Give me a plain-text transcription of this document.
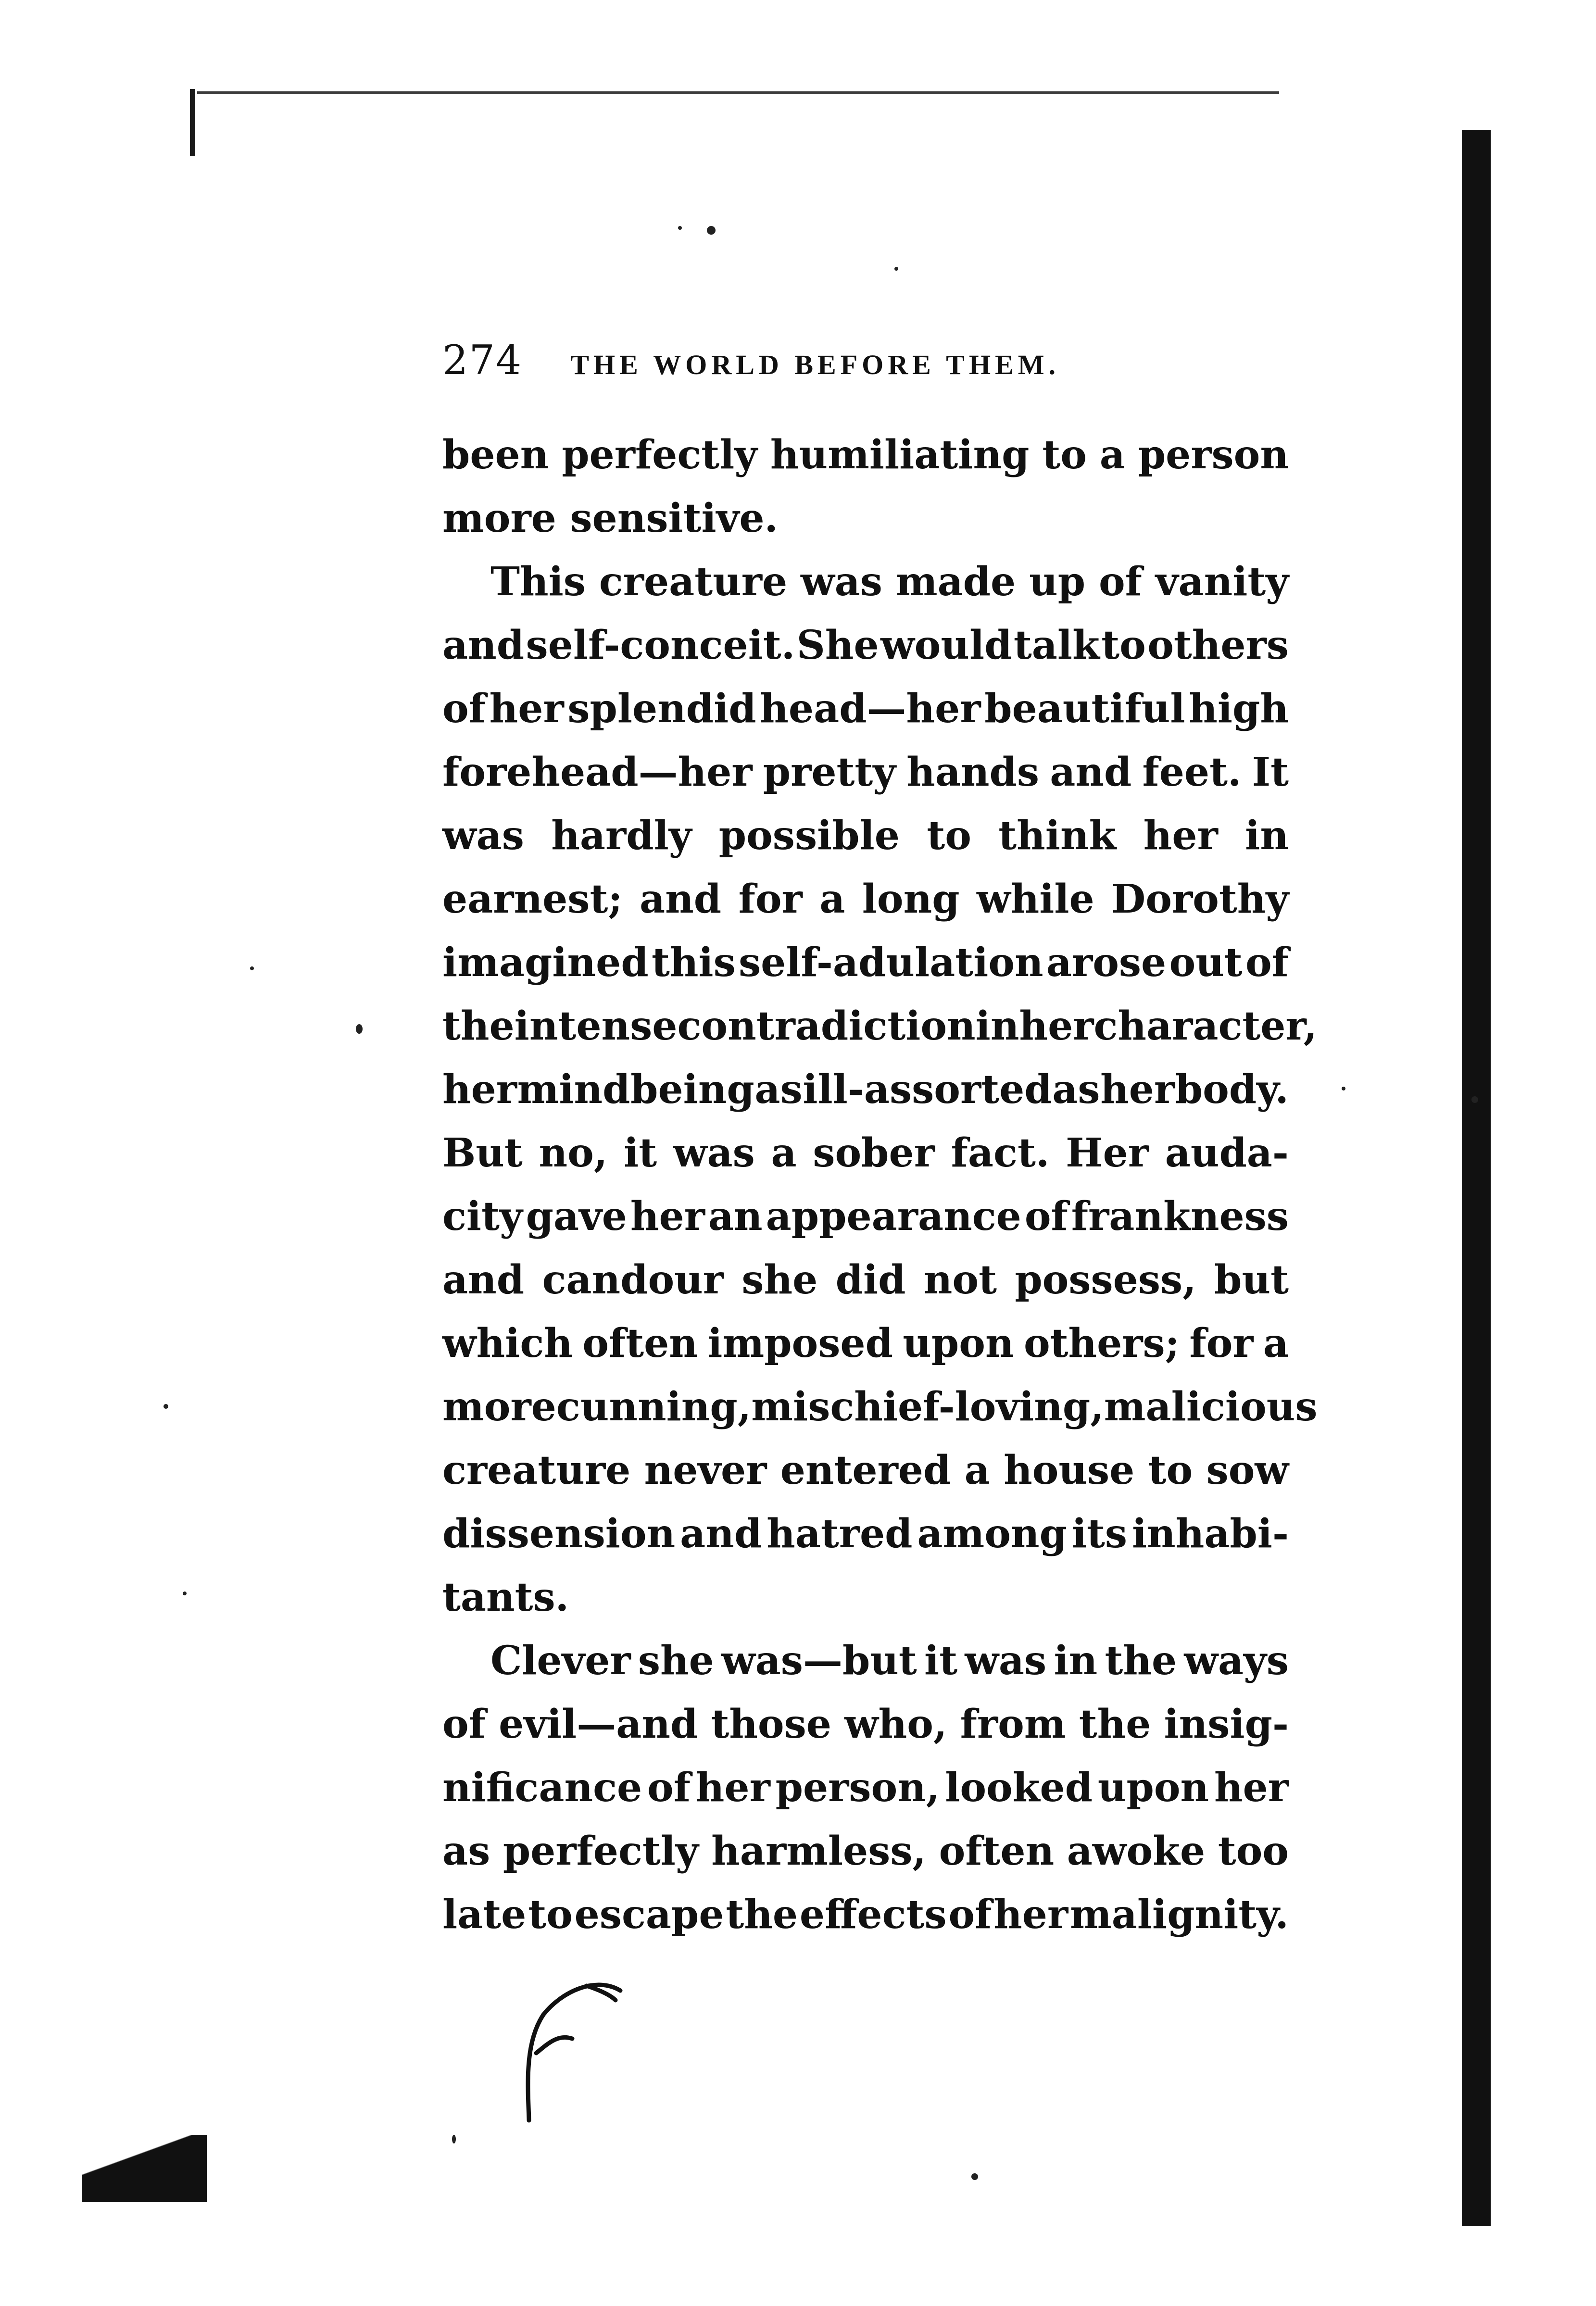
274 THE WORLD BEFORE THEM.
been perfectly humiliating to a person
more sensitive.
This creature was made up of vanity
and self-conceit. She would talk to others
of her splendid head—her beautiful high
forehead—her pretty hands and feet. It
was hardly possible to think her in
earnest; and for a long while Dorothy
imagined this self-adulation arose out of
the intense contradiction in her character,
her mind being as ill-assorted as her body.
But no, it was a sober fact. Her auda-
city gave her an appearance of frankness
and candour she did not possess, but
which often imposed upon others; for a
more cunning, mischief-loving, malicious
creature never entered a house to sow
dissension and hatred among its inhabi-
tants.
Clever she was—but it was in the ways
of evil—and those who, from the insig-
nificance of her person, looked upon her
as perfectly harmless, often awoke too
late to escape the effects of her malignity.
